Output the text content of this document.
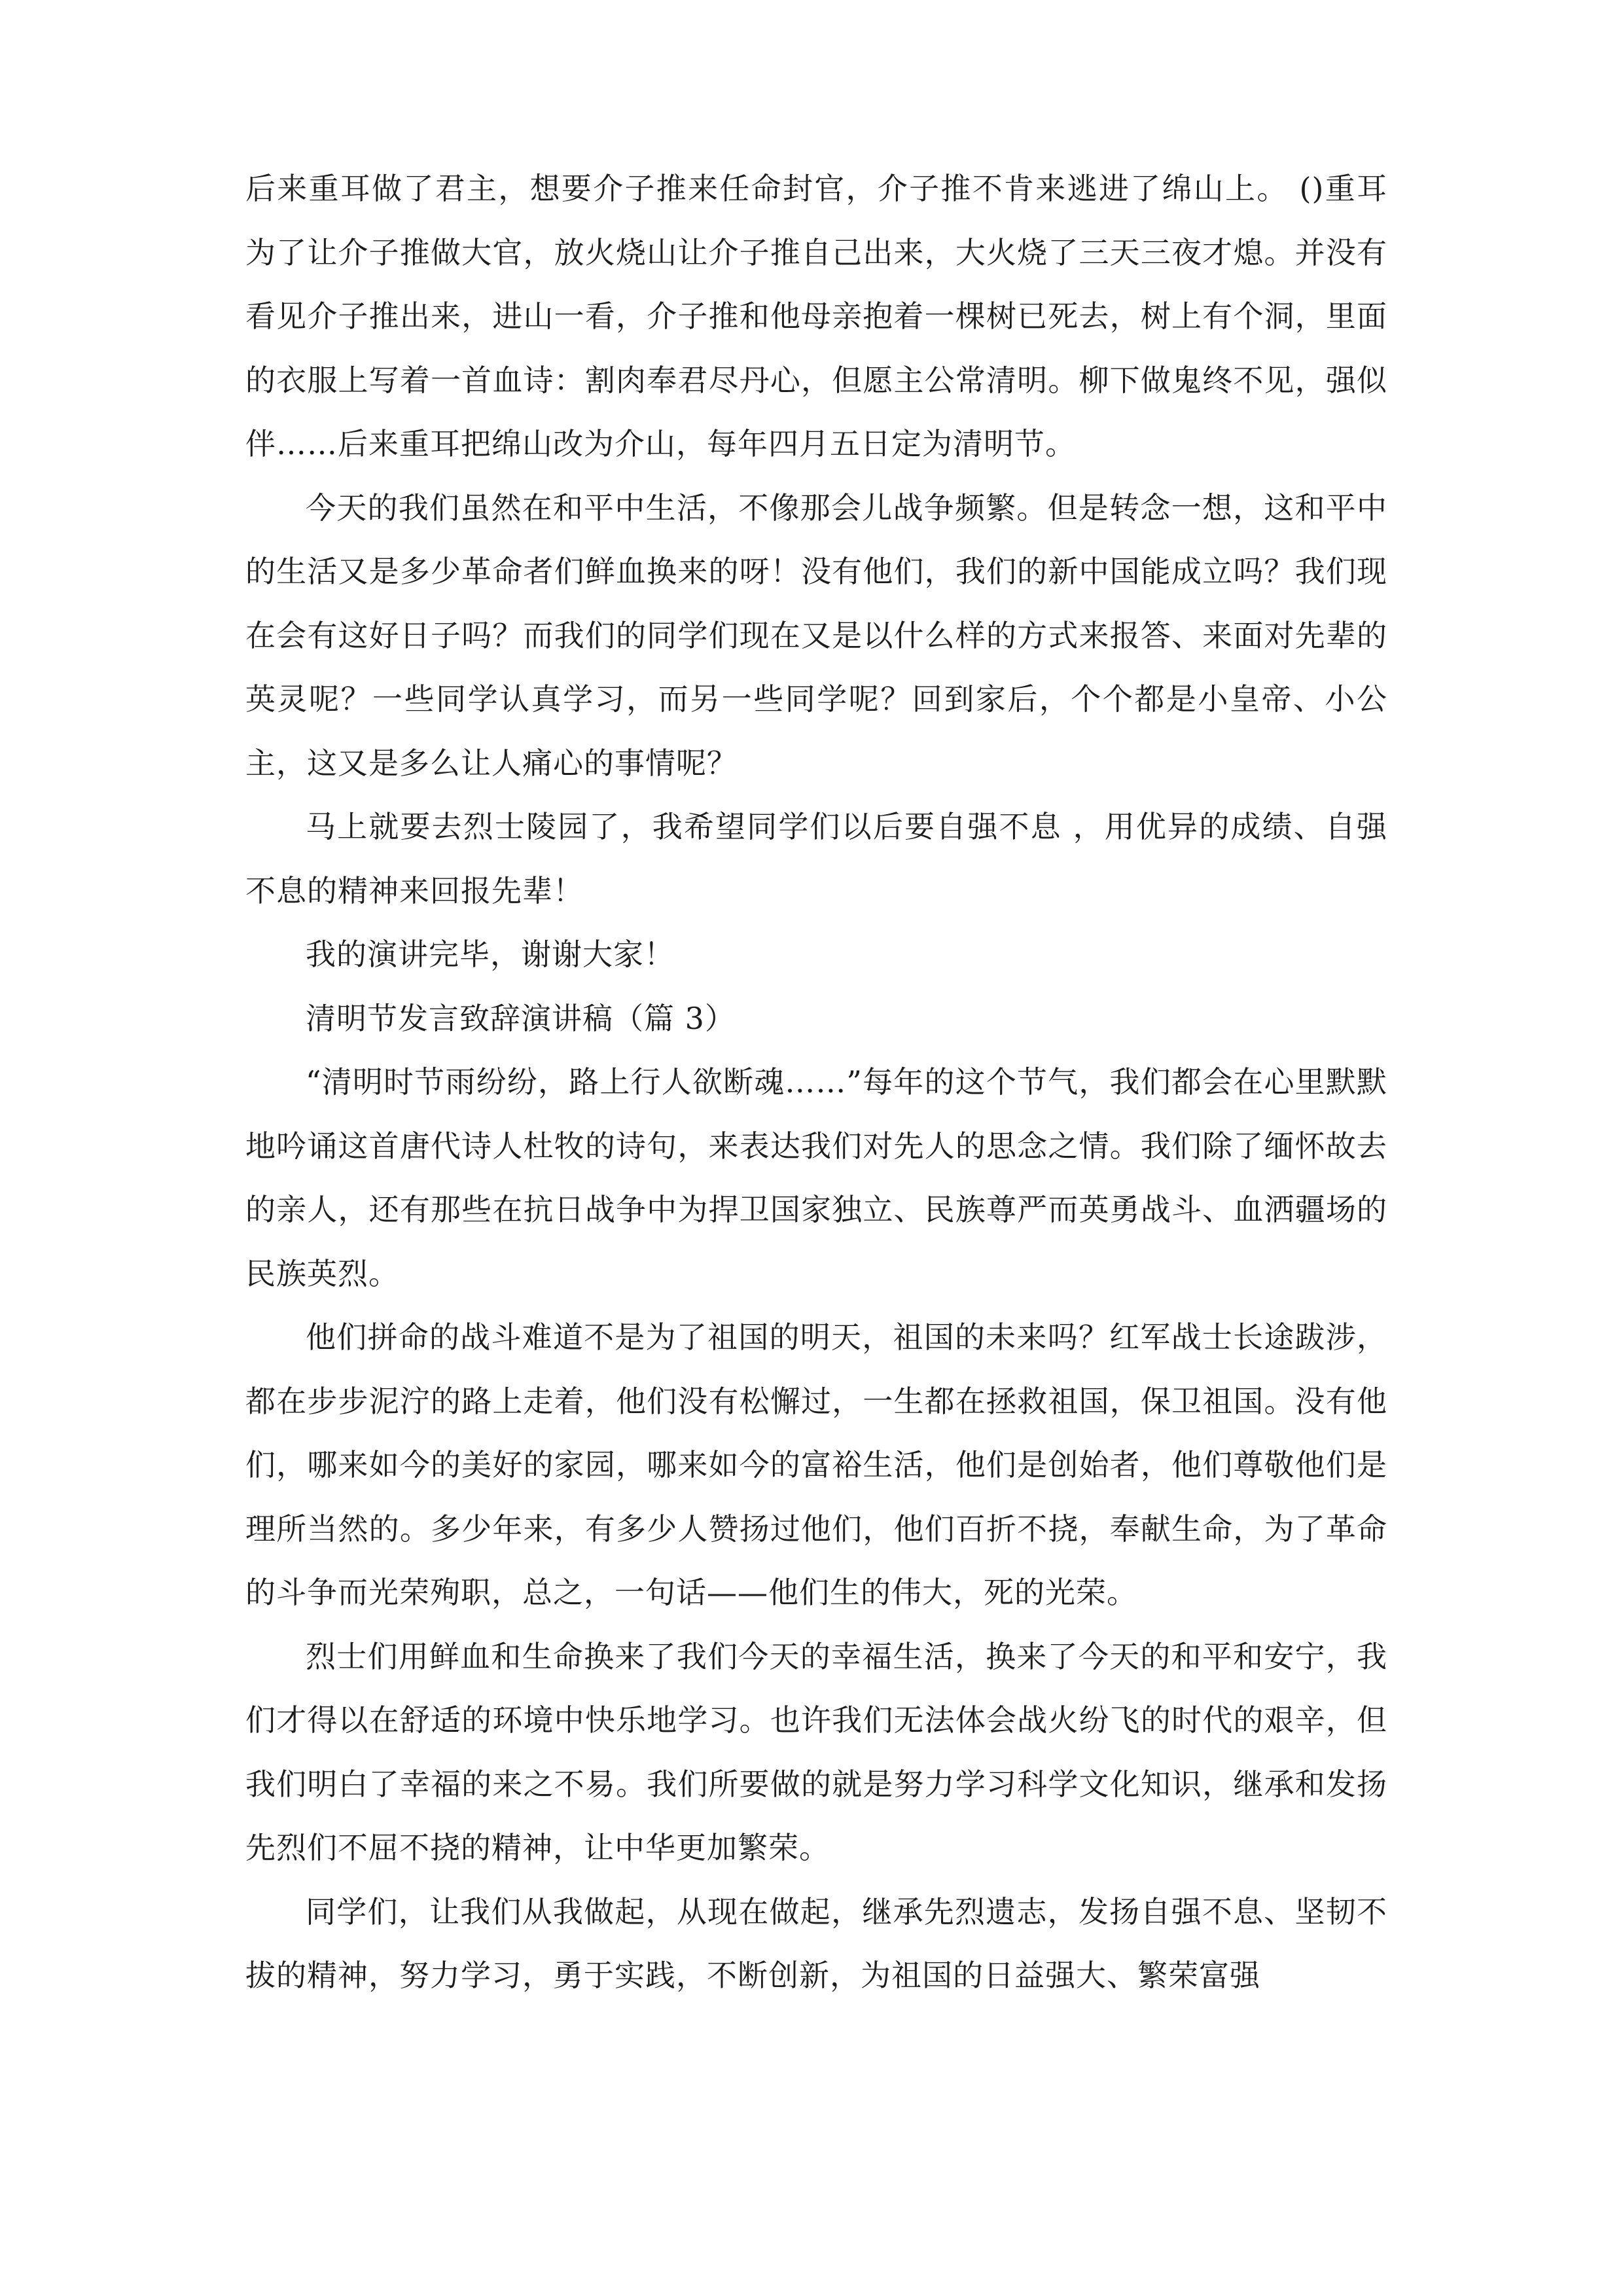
后来重耳做了君主，想要介子推来任命封官，介子推不肯来逃进了绵山上。 ()重耳为了让介子推做大官，放火烧山让介子推自己出来，大火烧了三天三夜才熄。并没有看见介子推出来，进山一看，介子推和他母亲抱着一棵树已死去，树上有个洞，里面的衣服上写着一首血诗：割肉奉君尽丹心，但愿主公常清明。柳下做鬼终不见，强似伴……后来重耳把绵山改为介山，每年四月五日定为清明节。

今天的我们虽然在和平中生活，不像那会儿战争频繁。但是转念一想，这和平中的生活又是多少革命者们鲜血换来的呀！没有他们，我们的新中国能成立吗？我们现在会有这好日子吗？而我们的同学们现在又是以什么样的方式来报答、来面对先辈的英灵呢？一些同学认真学习，而另一些同学呢？回到家后，个个都是小皇帝、小公主，这又是多么让人痛心的事情呢？

马上就要去烈士陵园了，我希望同学们以后要自强不息 ，用优异的成绩、自强不息的精神来回报先辈！

我的演讲完毕，谢谢大家！

清明节发言致辞演讲稿（篇 3）

“清明时节雨纷纷，路上行人欲断魂……”每年的这个节气，我们都会在心里默默地吟诵这首唐代诗人杜牧的诗句，来表达我们对先人的思念之情。我们除了缅怀故去的亲人，还有那些在抗日战争中为捍卫国家独立、民族尊严而英勇战斗、血洒疆场的民族英烈。

他们拼命的战斗难道不是为了祖国的明天，祖国的未来吗？红军战士长途跋涉，都在步步泥泞的路上走着，他们没有松懈过，一生都在拯救祖国，保卫祖国。没有他们，哪来如今的美好的家园，哪来如今的富裕生活，他们是创始者，他们尊敬他们是理所当然的。多少年来，有多少人赞扬过他们，他们百折不挠，奉献生命，为了革命的斗争而光荣殉职，总之，一句话——他们生的伟大，死的光荣。

烈士们用鲜血和生命换来了我们今天的幸福生活，换来了今天的和平和安宁，我们才得以在舒适的环境中快乐地学习。也许我们无法体会战火纷飞的时代的艰辛，但我们明白了幸福的来之不易。我们所要做的就是努力学习科学文化知识，继承和发扬先烈们不屈不挠的精神，让中华更加繁荣。

同学们，让我们从我做起，从现在做起，继承先烈遗志，发扬自强不息、坚韧不拔的精神，努力学习，勇于实践，不断创新，为祖国的日益强大、繁荣富强
